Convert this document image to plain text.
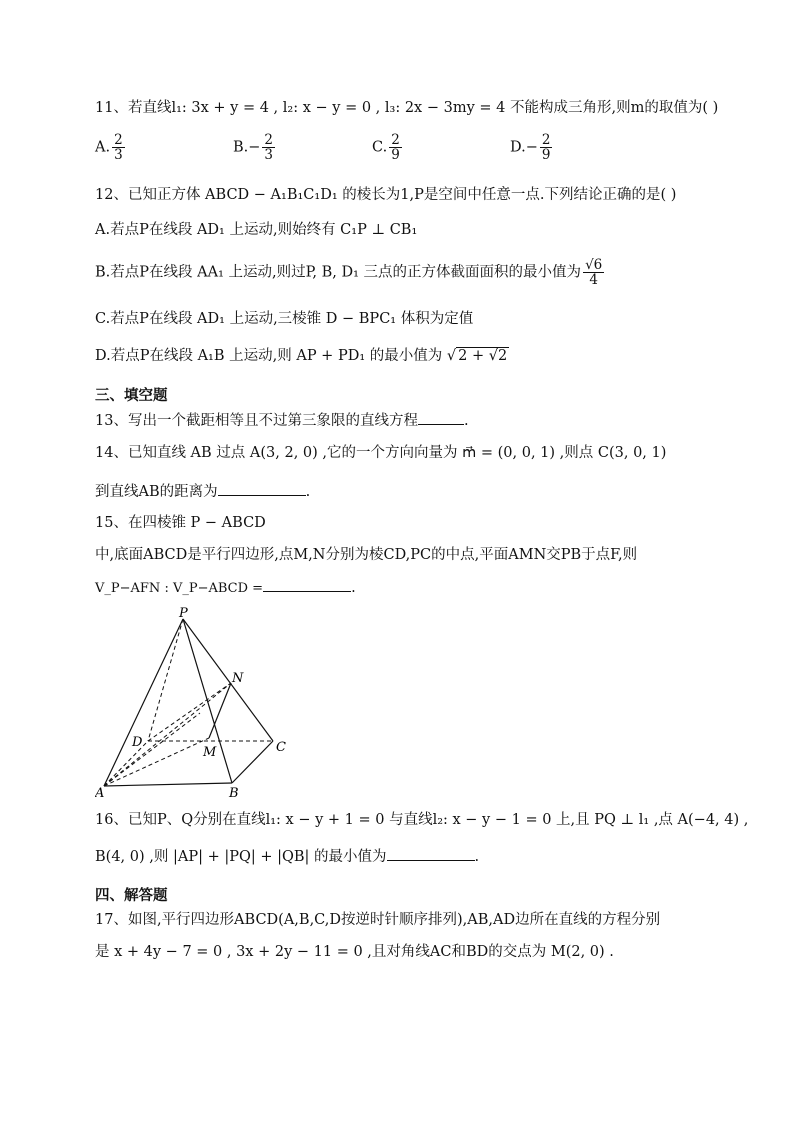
11、若直线l₁: 3x + y = 4 , l₂: x − y = 0 , l₃: 2x − 3my = 4 不能构成三角形,则m的取值为( )
A. $\frac{2}{3}$	$B.- \frac{2}{3}$	C. $\frac{2}{9}$	$D.- \frac{2}{9}$
12、已知正方体 ABCD − A₁B₁C₁D₁ 的棱长为1,P是空间中任意一点.下列结论正确的是( )
A.若点P在线段 AD₁ 上运动,则始终有 C₁P ⊥ CB₁
B.若点P在线段 AA₁ 上运动,则过P, B, D₁ 三点的正方体截面面积的最小值为 $\frac{√6}{4}$
C.若点P在线段 AD₁ 上运动,三棱锥 D − BPC₁ 体积为定值
D.若点P在线段 A₁B 上运动,则 AP + PD₁ 的最小值为 √ 2 + √2
三、填空题
13、写出一个截距相等且不过第三象限的直线方程	.
14、已知直线 AB 过点 A(3, 2, 0) ,它的一个方向向量为 m⃗ = (0, 0, 1) ,则点 C(3, 0, 1)
到直线AB的距离为	.
15、在四棱锥 P − ABCD
中,底面ABCD是平行四边形,点M,N分别为棱CD,PC的中点,平面AMN交PB于点F,则
V_P−AFN : V_P−ABCD =	.
P
N
D
M	C
A	B
16、已知P、Q分别在直线l₁: x − y + 1 = 0 与直线l₂: x − y − 1 = 0 上,且 PQ ⊥ l₁ ,点 A(−4, 4) ,
B(4, 0) ,则 |AP| + |PQ| + |QB| 的最小值为	.
四、解答题
17、如图,平行四边形ABCD(A,B,C,D按逆时针顺序排列),AB,AD边所在直线的方程分别
是 x + 4y − 7 = 0 , 3x + 2y − 11 = 0 ,且对角线AC和BD的交点为 M(2, 0) .
